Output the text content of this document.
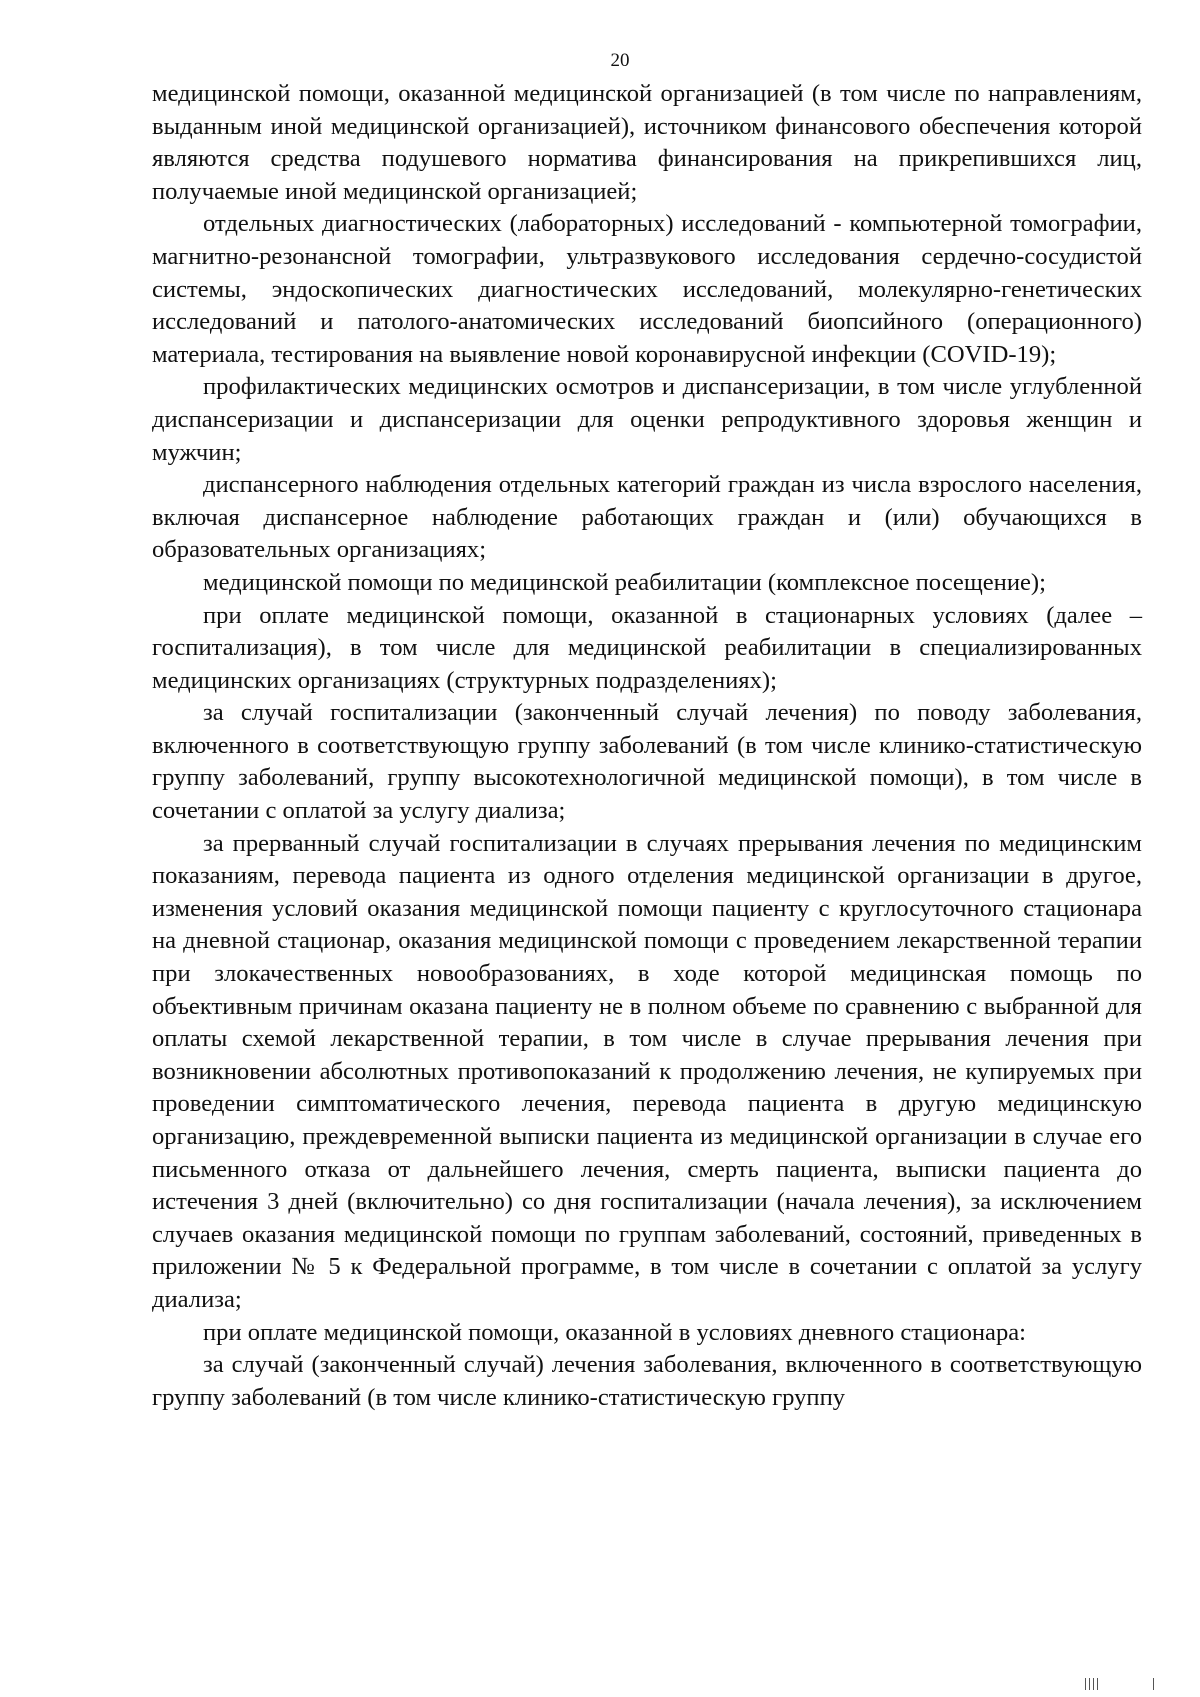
20

медицинской помощи, оказанной медицинской организацией (в том числе по направлениям, выданным иной медицинской организацией), источником финансового обеспечения которой являются средства подушевого норматива финансирования на прикрепившихся лиц, получаемые иной медицинской организацией;

отдельных диагностических (лабораторных) исследований - компьютерной томографии, магнитно-резонансной томографии, ультразвукового исследования сердечно-сосудистой системы, эндоскопических диагностических исследований, молекулярно-генетических исследований и патолого-анатомических исследований биопсийного (операционного) материала, тестирования на выявление новой коронавирусной инфекции (COVID-19);

профилактических медицинских осмотров и диспансеризации, в том числе углубленной диспансеризации и диспансеризации для оценки репродуктивного здоровья женщин и мужчин;

диспансерного наблюдения отдельных категорий граждан из числа взрослого населения, включая диспансерное наблюдение работающих граждан и (или) обучающихся в образовательных организациях;

медицинской помощи по медицинской реабилитации (комплексное посещение);

при оплате медицинской помощи, оказанной в стационарных условиях (далее – госпитализация), в том числе для медицинской реабилитации в специализированных медицинских организациях (структурных подразделениях);

за случай госпитализации (законченный случай лечения) по поводу заболевания, включенного в соответствующую группу заболеваний (в том числе клинико-статистическую группу заболеваний, группу высокотехнологичной медицинской помощи), в том числе в сочетании с оплатой за услугу диализа;

за прерванный случай госпитализации в случаях прерывания лечения по медицинским показаниям, перевода пациента из одного отделения медицинской организации в другое, изменения условий оказания медицинской помощи пациенту с круглосуточного стационара на дневной стационар, оказания медицинской помощи с проведением лекарственной терапии при злокачественных новообразованиях, в ходе которой медицинская помощь по объективным причинам оказана пациенту не в полном объеме по сравнению с выбранной для оплаты схемой лекарственной терапии, в том числе в случае прерывания лечения при возникновении абсолютных противопоказаний к продолжению лечения, не купируемых при проведении симптоматического лечения, перевода пациента в другую медицинскую организацию, преждевременной выписки пациента из медицинской организации в случае его письменного отказа от дальнейшего лечения, смерть пациента, выписки пациента до истечения 3 дней (включительно) со дня госпитализации (начала лечения), за исключением случаев оказания медицинской помощи по группам заболеваний, состояний, приведенных в приложении № 5 к Федеральной программе, в том числе в сочетании с оплатой за услугу диализа;

при оплате медицинской помощи, оказанной в условиях дневного стационара:

за случай (законченный случай) лечения заболевания, включенного в соответствующую группу заболеваний (в том числе клинико-статистическую группу
